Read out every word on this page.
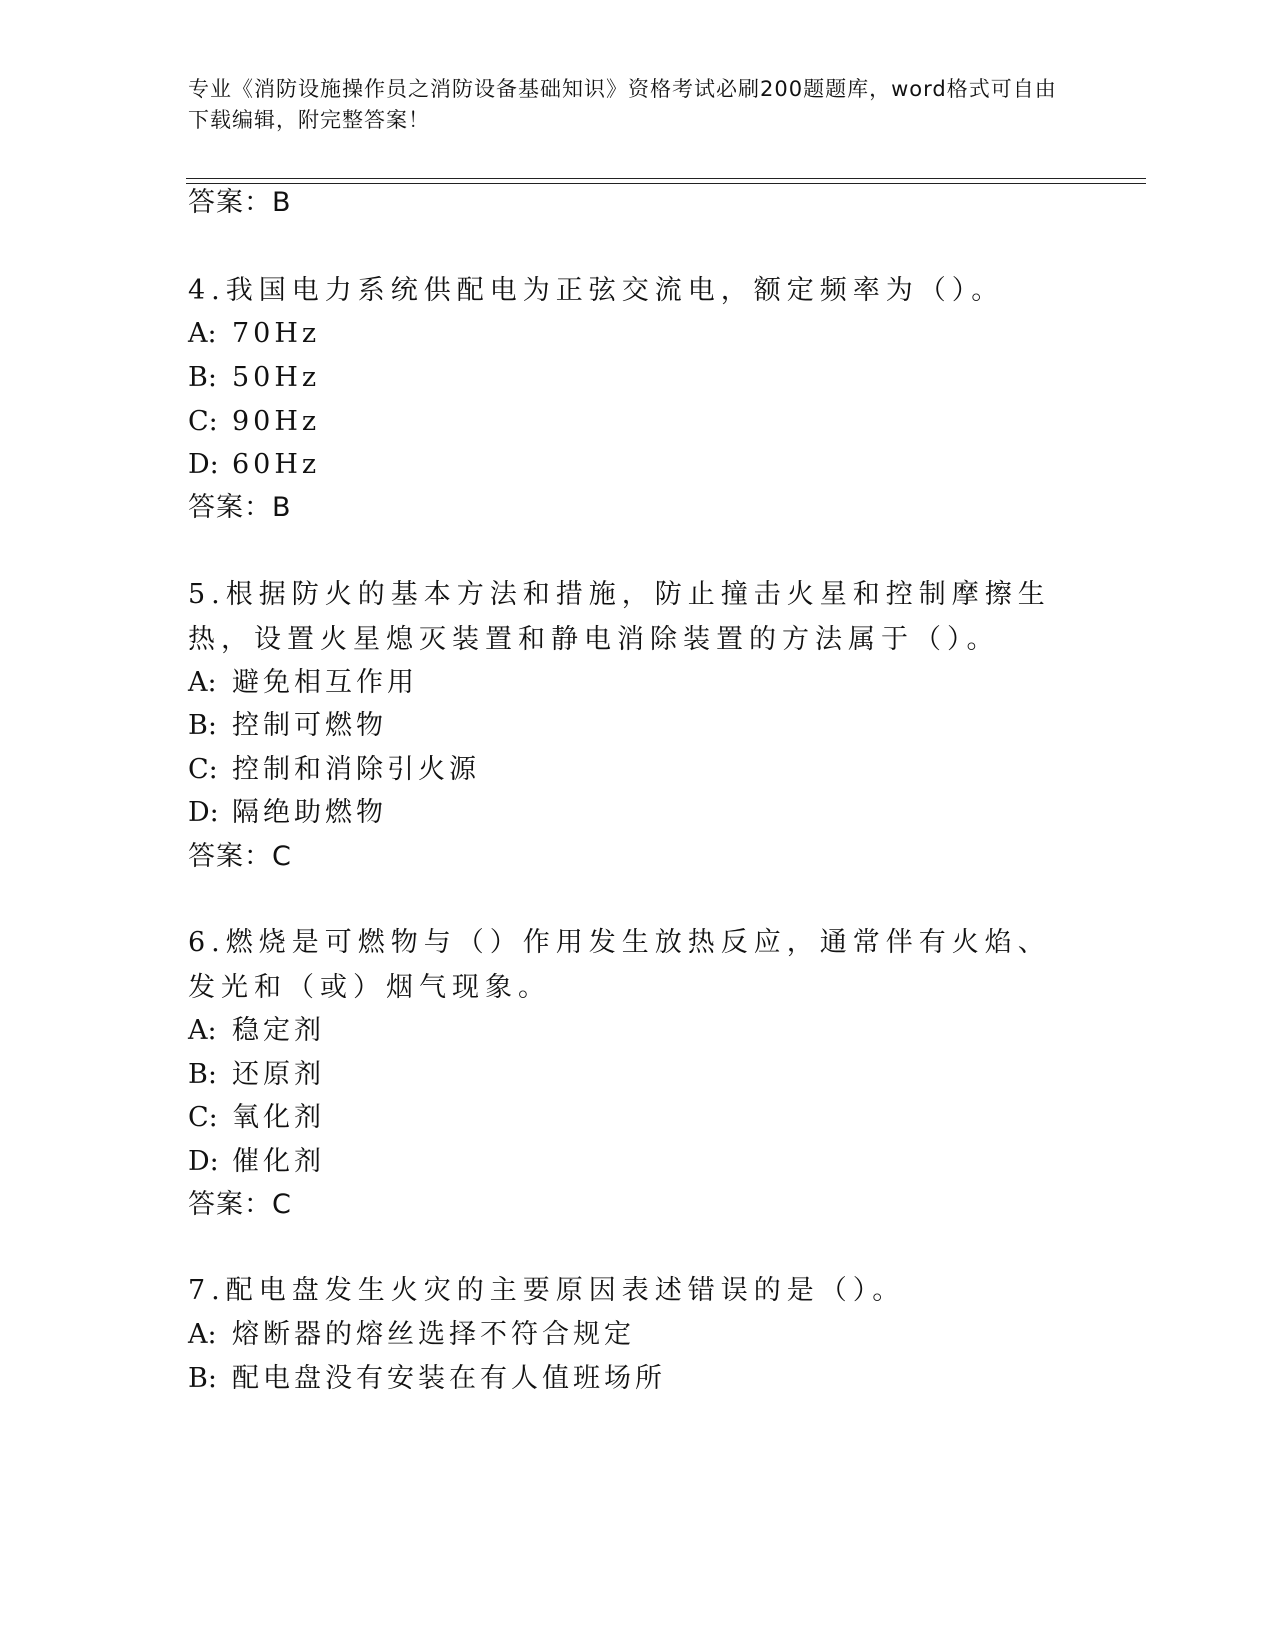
专业《消防设施操作员之消防设备基础知识》资格考试必刷200题题库，word格式可自由下载编辑，附完整答案！
答案：B
4.我国电力系统供配电为正弦交流电，额定频率为（）。
A: 70Hz
B: 50Hz
C: 90Hz
D: 60Hz
答案：B
5.根据防火的基本方法和措施，防止撞击火星和控制摩擦生热，设置火星熄灭装置和静电消除装置的方法属于（）。
A: 避免相互作用
B: 控制可燃物
C: 控制和消除引火源
D: 隔绝助燃物
答案：C
6.燃烧是可燃物与（）作用发生放热反应，通常伴有火焰、发光和（或）烟气现象。
A: 稳定剂
B: 还原剂
C: 氧化剂
D: 催化剂
答案：C
7.配电盘发生火灾的主要原因表述错误的是（）。
A: 熔断器的熔丝选择不符合规定
B: 配电盘没有安装在有人值班场所
